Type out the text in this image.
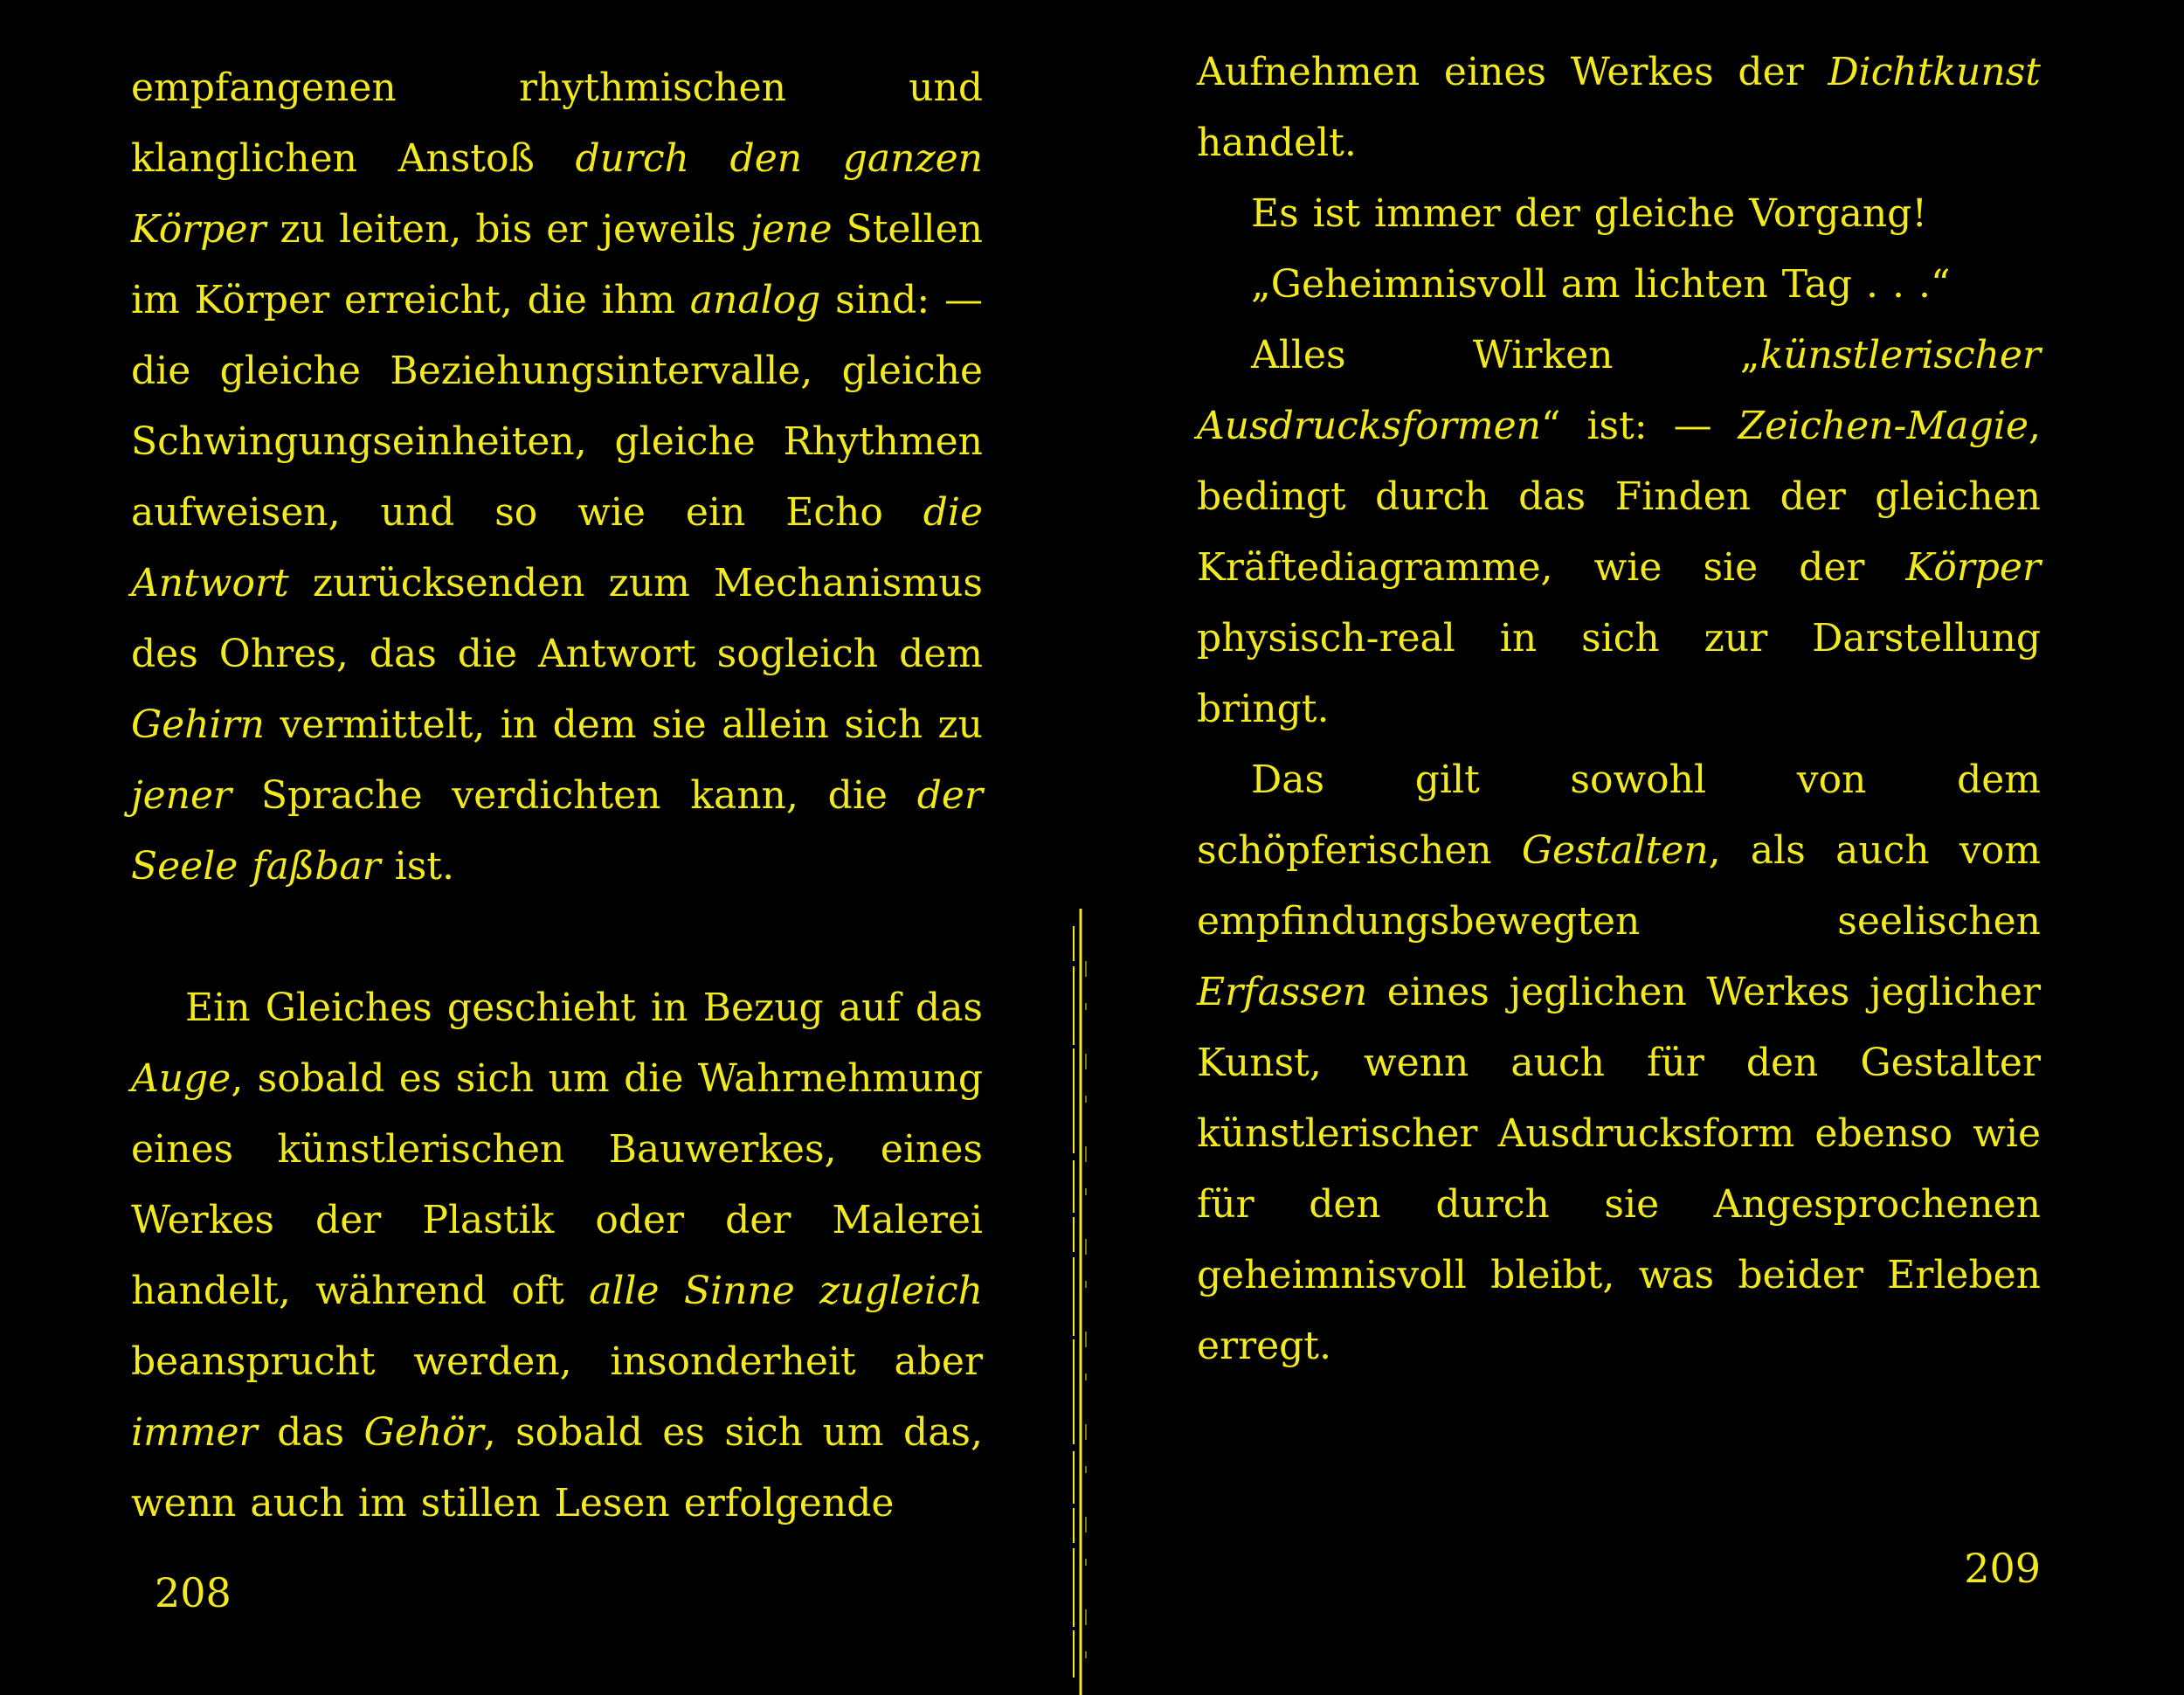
empfangenen rhythmischen und klanglichen Anstoß durch den ganzen Körper zu leiten, bis er jeweils jene Stellen im Körper erreicht, die ihm analog sind: — die gleiche Beziehungsintervalle, gleiche Schwingungseinheiten, gleiche Rhythmen aufweisen, und so wie ein Echo die Antwort zurücksenden zum Mechanismus des Ohres, das die Antwort sogleich dem Gehirn vermittelt, in dem sie allein sich zu jener Sprache verdichten kann, die der Seele faßbar ist.

Ein Gleiches geschieht in Bezug auf das Auge, sobald es sich um die Wahrnehmung eines künstlerischen Bauwerkes, eines Werkes der Plastik oder der Malerei handelt, während oft alle Sinne zugleich beansprucht werden, insonderheit aber immer das Gehör, sobald es sich um das, wenn auch im stillen Lesen erfolgende

208

Aufnehmen eines Werkes der Dichtkunst handelt.

Es ist immer der gleiche Vorgang!

„Geheimnisvoll am lichten Tag . . .“

Alles Wirken „künstlerischer Ausdrucksformen“ ist: — Zeichen-Magie, bedingt durch das Finden der gleichen Kräftediagramme, wie sie der Körper physisch-real in sich zur Darstellung bringt.

Das gilt sowohl von dem schöpferischen Gestalten, als auch vom empfindungsbewegten seelischen Erfassen eines jeglichen Werkes jeglicher Kunst, wenn auch für den Gestalter künstlerischer Ausdrucksform ebenso wie für den durch sie Angesprochenen geheimnisvoll bleibt, was beider Erleben erregt.

209
